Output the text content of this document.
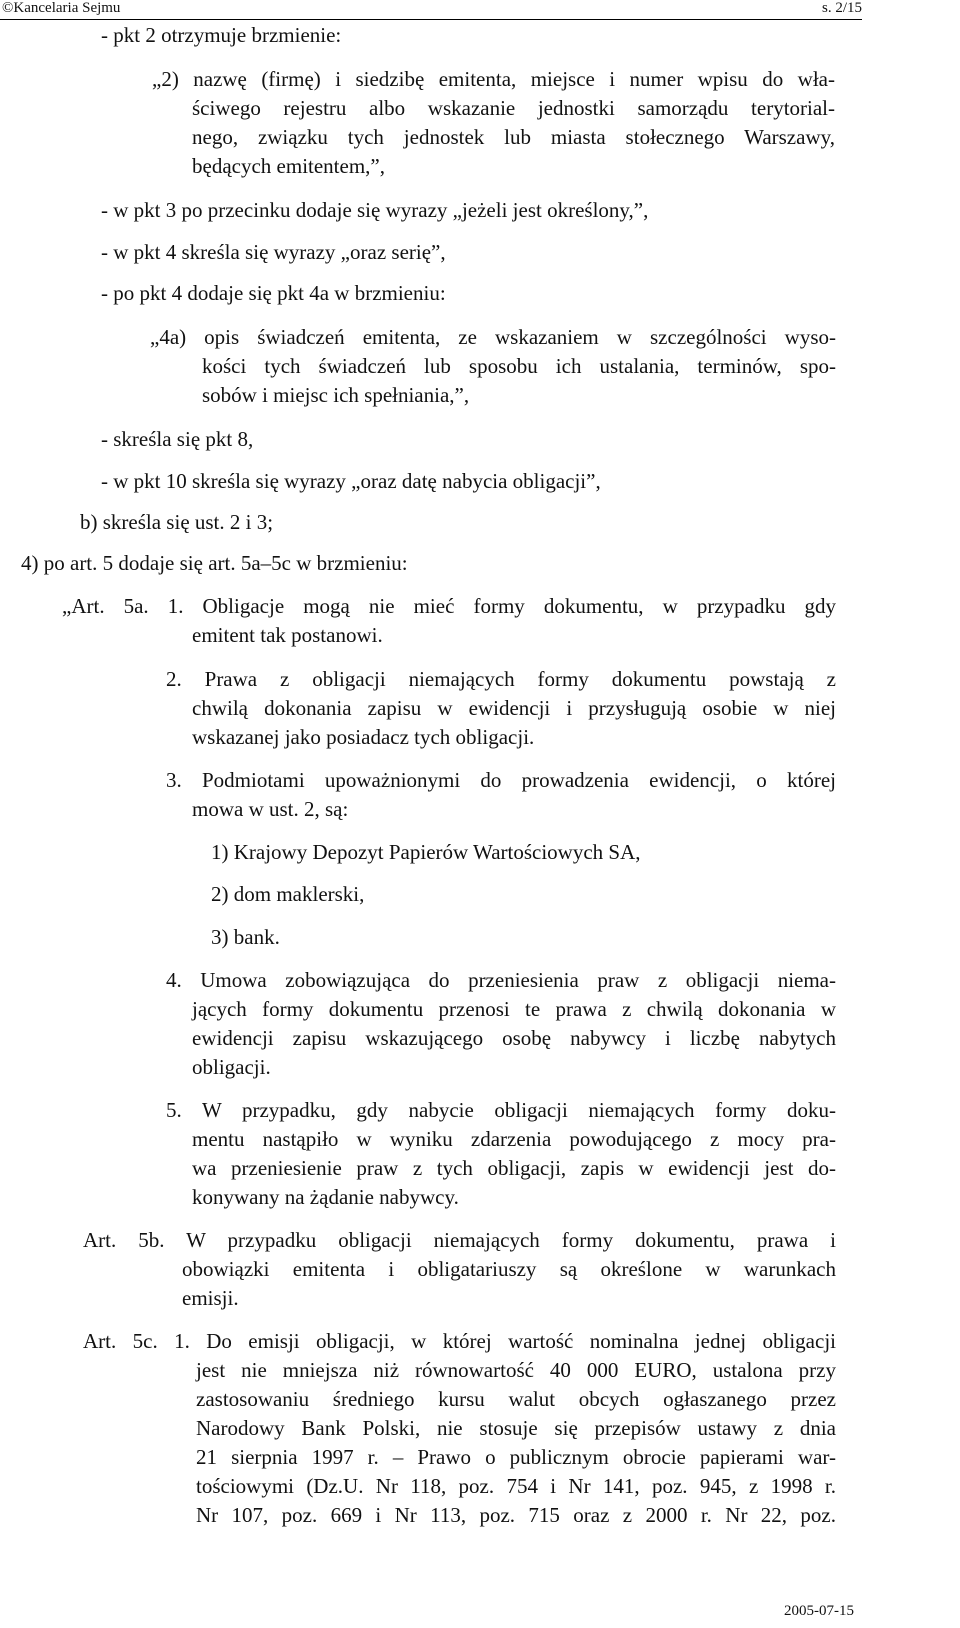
©Kancelaria Sejmu	s. 2/15
- pkt 2 otrzymuje brzmienie:
„2) nazwę (firmę) i siedzibę emitenta, miejsce i numer wpisu do wła-
ściwego rejestru albo wskazanie jednostki samorządu terytorial-
nego, związku tych jednostek lub miasta stołecznego Warszawy,
będących emitentem,”,
- w pkt 3 po przecinku dodaje się wyrazy „jeżeli jest określony,”,
- w pkt 4 skreśla się wyrazy „oraz serię”,
- po pkt 4 dodaje się pkt 4a w brzmieniu:
„4a) opis świadczeń emitenta, ze wskazaniem w szczególności wyso-
kości tych świadczeń lub sposobu ich ustalania, terminów, spo-
sobów i miejsc ich spełniania,”,
- skreśla się pkt 8,
- w pkt 10 skreśla się wyrazy „oraz datę nabycia obligacji”,
b) skreśla się ust. 2 i 3;
4) po art. 5 dodaje się art. 5a–5c w brzmieniu:
„Art. 5a. 1. Obligacje mogą nie mieć formy dokumentu, w przypadku gdy
emitent tak postanowi.
2. Prawa z obligacji niemających formy dokumentu powstają z
chwilą dokonania zapisu w ewidencji i przysługują osobie w niej
wskazanej jako posiadacz tych obligacji.
3. Podmiotami upoważnionymi do prowadzenia ewidencji, o której
mowa w ust. 2, są:
1) Krajowy Depozyt Papierów Wartościowych SA,
2) dom maklerski,
3) bank.
4. Umowa zobowiązująca do przeniesienia praw z obligacji niema-
jących formy dokumentu przenosi te prawa z chwilą dokonania w
ewidencji zapisu wskazującego osobę nabywcy i liczbę nabytych
obligacji.
5. W przypadku, gdy nabycie obligacji niemających formy doku-
mentu nastąpiło w wyniku zdarzenia powodującego z mocy pra-
wa przeniesienie praw z tych obligacji, zapis w ewidencji jest do-
konywany na żądanie nabywcy.
Art. 5b. W przypadku obligacji niemających formy dokumentu, prawa i
obowiązki emitenta i obligatariuszy są określone w warunkach
emisji.
Art. 5c. 1. Do emisji obligacji, w której wartość nominalna jednej obligacji
jest nie mniejsza niż równowartość 40 000 EURO, ustalona przy
zastosowaniu średniego kursu walut obcych ogłaszanego przez
Narodowy Bank Polski, nie stosuje się przepisów ustawy z dnia
21 sierpnia 1997 r. – Prawo o publicznym obrocie papierami war-
tościowymi (Dz.U. Nr 118, poz. 754 i Nr 141, poz. 945, z 1998 r.
Nr 107, poz. 669 i Nr 113, poz. 715 oraz z 2000 r. Nr 22, poz.
2005-07-15
